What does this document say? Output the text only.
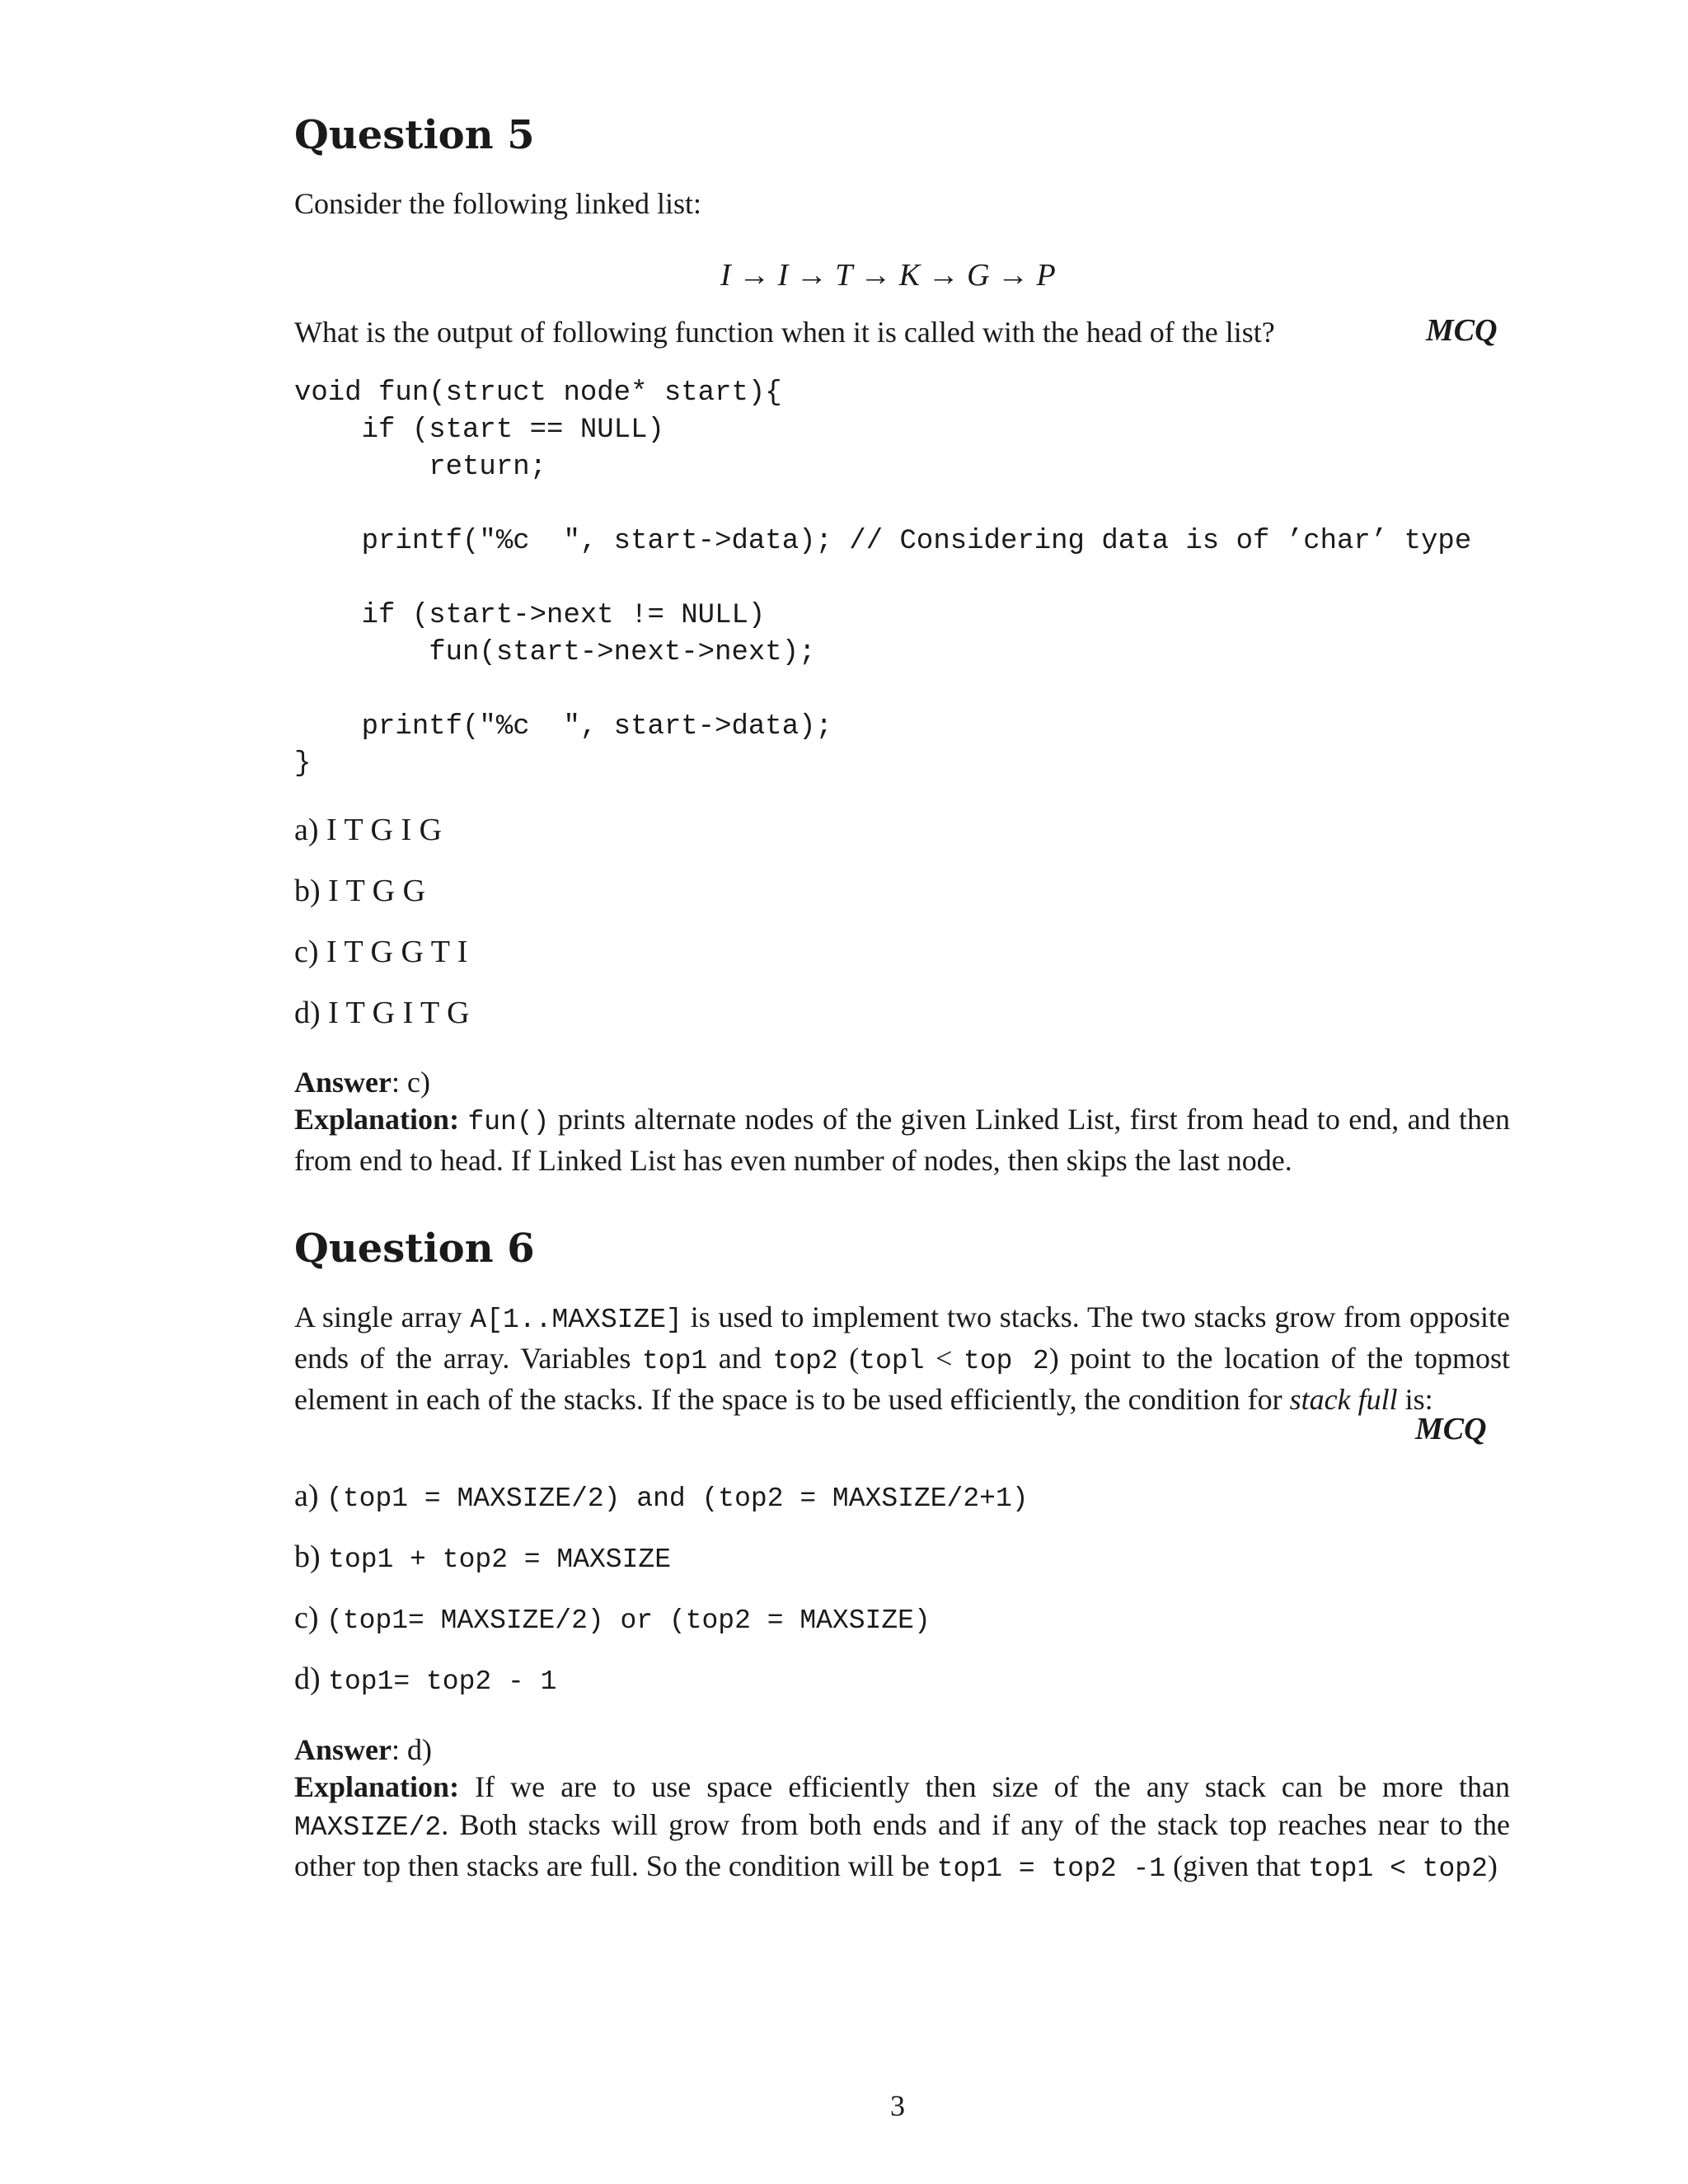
Question 5
Consider the following linked list:
I → I → T → K → G → P
What is the output of following function when it is called with the head of the list?	MCQ
void fun(struct node* start){
if (start == NULL)
return;
printf("%c  ", start->data); // Considering data is of ’char’ type
if (start->next != NULL)
fun(start->next->next);
printf("%c  ", start->data);
}
a) I T G I G
b) I T G G
c) I T G G T I
d) I T G I T G
Answer: c)
Explanation: fun() prints alternate nodes of the given Linked List, first from head to end, and then from end to head. If Linked List has even number of nodes, then skips the last node.
Question 6
A single array A[1..MAXSIZE] is used to implement two stacks. The two stacks grow from opposite ends of the array. Variables top1 and top2 (topl < top 2) point to the location of the topmost element in each of the stacks. If the space is to be used efficiently, the condition for stack full is:
MCQ
a) (top1 = MAXSIZE/2) and (top2 = MAXSIZE/2+1)
b) top1 + top2 = MAXSIZE
c) (top1= MAXSIZE/2) or (top2 = MAXSIZE)
d) top1= top2 - 1
Answer: d)
Explanation: If we are to use space efficiently then size of the any stack can be more than MAXSIZE/2. Both stacks will grow from both ends and if any of the stack top reaches near to the other top then stacks are full. So the condition will be top1 = top2 -1 (given that top1 < top2)
3
